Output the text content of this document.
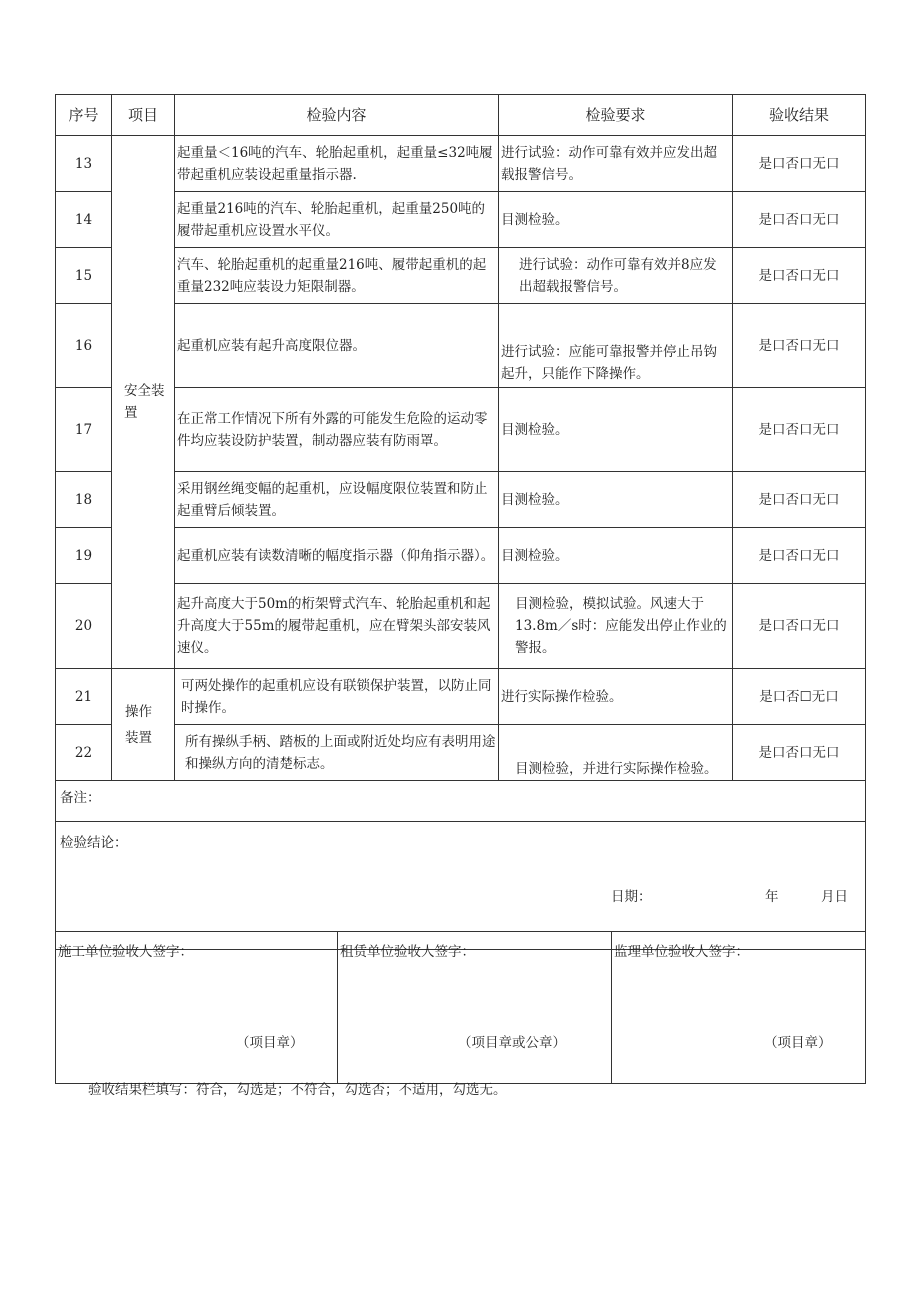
序号	项目	检验内容	检验要求	验收结果
13	安全装置	起重量＜16吨的汽车、轮胎起重机，起重量≤32吨履带起重机应装设起重量指示器.	进行试验：动作可靠有效并应发出超载报警信号。	是口否口无口
14		起重量216吨的汽车、轮胎起重机，起重量250吨的履带起重机应设置水平仪。	目测检验。	是口否口无口
15		汽车、轮胎起重机的起重量216吨、履带起重机的起重量232吨应装设力矩限制器。	进行试验：动作可靠有效并8应发出超载报警信号。	是口否口无口
16		起重机应装有起升高度限位器。	进行试验：应能可靠报警并停止吊钩起升，只能作下降操作。	是口否口无口
17		在正常工作情况下所有外露的可能发生危险的运动零件均应装设防护装置，制动器应装有防雨罩。	目测检验。	是口否口无口
18		采用钢丝绳变幅的起重机，应设幅度限位装置和防止起重臂后倾装置。	目测检验。	是口否口无口
19		起重机应装有读数清晰的幅度指示器（仰角指示器）。	目测检验。	是口否口无口
20		起升高度大于50m的桁架臂式汽车、轮胎起重机和起升高度大于55m的履带起重机，应在臂架头部安装风速仪。	目测检验，模拟试验。风速大于13.8m／s时：应能发出停止作业的警报。	是口否口无口
21	操作装置	可两处操作的起重机应设有联锁保护装置，以防止同时操作。	进行实际操作检验。	是口否☐无口
22		所有操纵手柄、踏板的上面或附近处均应有表明用途和操纵方向的清楚标志。	目测检验，并进行实际操作检验。	是口否口无口
备注：				
检验结论：
日期： 年 月日				
施工单位验收人签字：
（项目章）
	租赁单位验收人签字：
（项目章或公章）
	监理单位验收人签字：
（项目章）
验收结果栏填写：符合，勾选是；不符合，勾选否；不适用，勾选无。
